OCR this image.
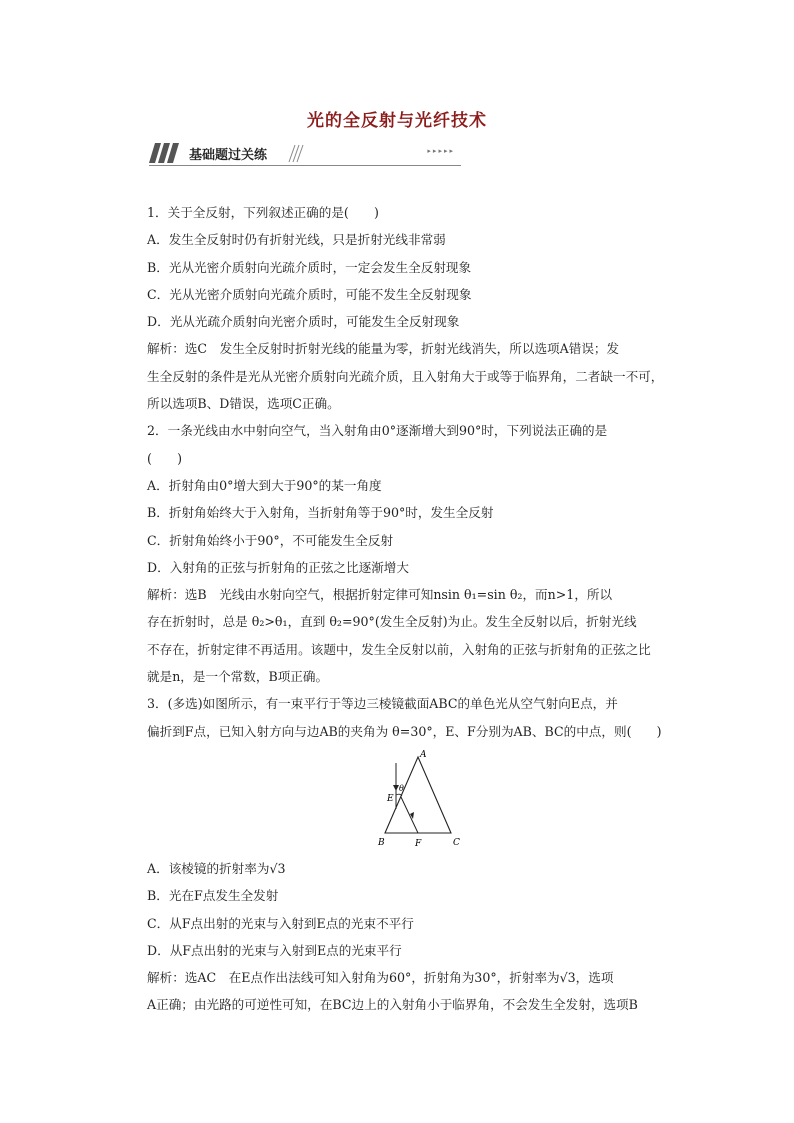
光的全反射与光纤技术
基础题过关练	▸▸▸▸▸

1．关于全反射，下列叙述正确的是(　　)

A．发生全反射时仍有折射光线，只是折射光线非常弱

B．光从光密介质射向光疏介质时，一定会发生全反射现象

C．光从光密介质射向光疏介质时，可能不发生全反射现象

D．光从光疏介质射向光密介质时，可能发生全反射现象

解析：选C　发生全反射时折射光线的能量为零，折射光线消失，所以选项A错误；发

生全反射的条件是光从光密介质射向光疏介质，且入射角大于或等于临界角，二者缺一不可，

所以选项B、D错误，选项C正确。

2．一条光线由水中射向空气，当入射角由0°逐渐增大到90°时，下列说法正确的是

(　　)

A．折射角由0°增大到大于90°的某一角度

B．折射角始终大于入射角，当折射角等于90°时，发生全反射

C．折射角始终小于90°，不可能发生全反射

D．入射角的正弦与折射角的正弦之比逐渐增大

解析：选B　光线由水射向空气，根据折射定律可知nsin θ₁=sin θ₂，而n>1，所以

存在折射时，总是 θ₂>θ₁，直到 θ₂=90°(发生全反射)为止。发生全反射以后，折射光线

不存在，折射定律不再适用。该题中，发生全反射以前，入射角的正弦与折射角的正弦之比

就是n，是一个常数，B项正确。

3．(多选)如图所示，有一束平行于等边三棱镜截面ABC的单色光从空气射向E点，并

偏折到F点，已知入射方向与边AB的夹角为 θ=30°，E、F分别为AB、BC的中点，则(　　)

A
B	C
E
F
θ

A．该棱镜的折射率为√3

B．光在F点发生全发射

C．从F点出射的光束与入射到E点的光束不平行

D．从F点出射的光束与入射到E点的光束平行

解析：选AC　在E点作出法线可知入射角为60°，折射角为30°，折射率为√3，选项

A正确；由光路的可逆性可知，在BC边上的入射角小于临界角，不会发生全发射，选项B
